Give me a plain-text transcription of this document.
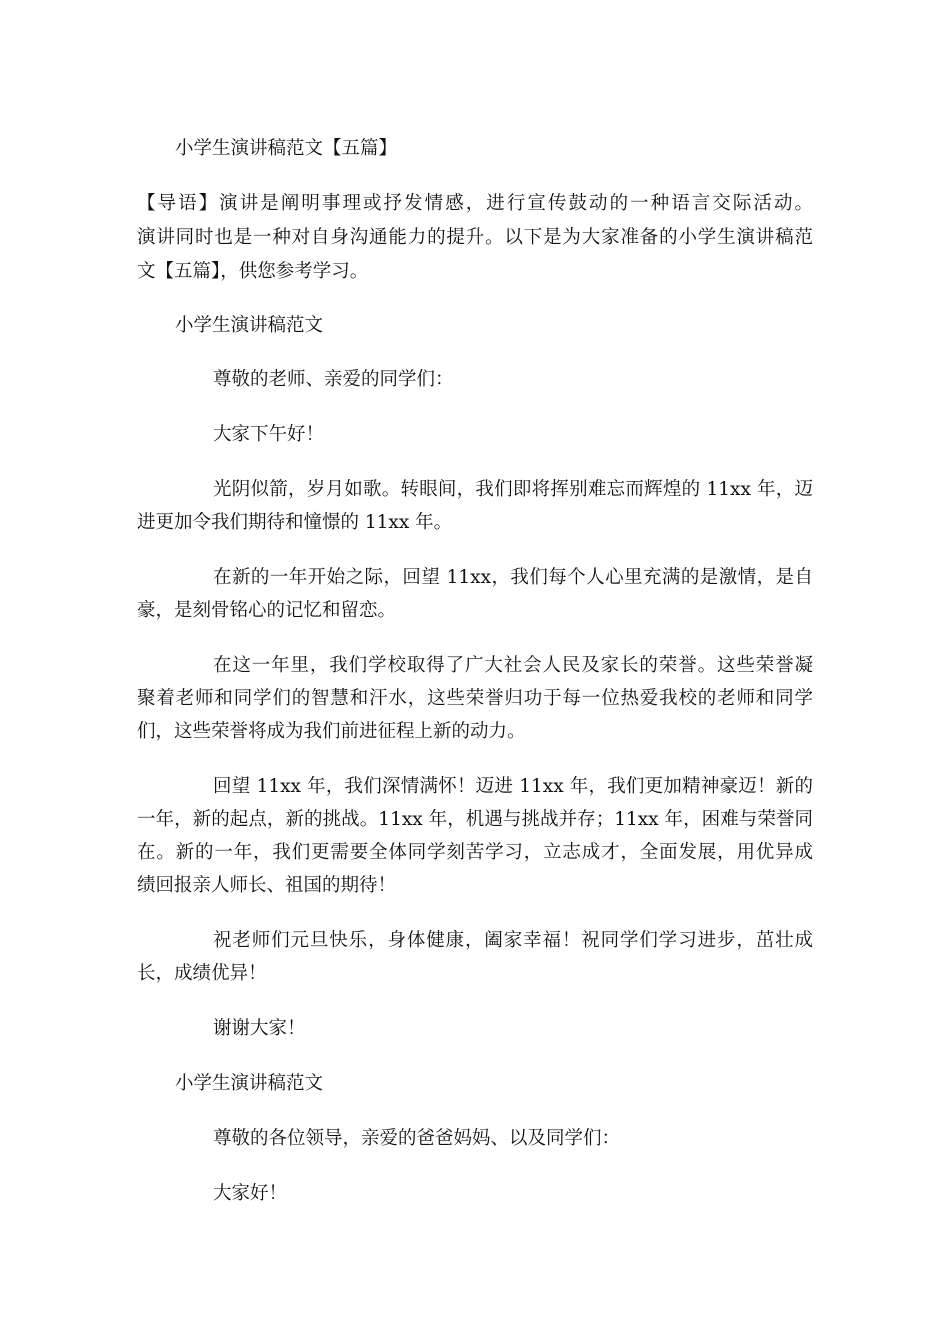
小学生演讲稿范文【五篇】
【导语】演讲是阐明事理或抒发情感，进行宣传鼓动的一种语言交际活动。
演讲同时也是一种对自身沟通能力的提升。以下是为大家准备的小学生演讲稿范
文【五篇】，供您参考学习。
小学生演讲稿范文
尊敬的老师、亲爱的同学们：
大家下午好！
光阴似箭，岁月如歌。转眼间，我们即将挥别难忘而辉煌的 11xx 年，迈
进更加令我们期待和憧憬的 11xx 年。
在新的一年开始之际，回望 11xx，我们每个人心里充满的是激情，是自
豪，是刻骨铭心的记忆和留恋。
在这一年里，我们学校取得了广大社会人民及家长的荣誉。这些荣誉凝
聚着老师和同学们的智慧和汗水，这些荣誉归功于每一位热爱我校的老师和同学
们，这些荣誉将成为我们前进征程上新的动力。
回望 11xx 年，我们深情满怀！迈进 11xx 年，我们更加精神豪迈！新的
一年，新的起点，新的挑战。11xx 年，机遇与挑战并存；11xx 年，困难与荣誉同
在。新的一年，我们更需要全体同学刻苦学习，立志成才，全面发展，用优异成
绩回报亲人师长、祖国的期待！
祝老师们元旦快乐，身体健康，阖家幸福！祝同学们学习进步，茁壮成
长，成绩优异！
谢谢大家！
小学生演讲稿范文
尊敬的各位领导，亲爱的爸爸妈妈、以及同学们：
大家好！
